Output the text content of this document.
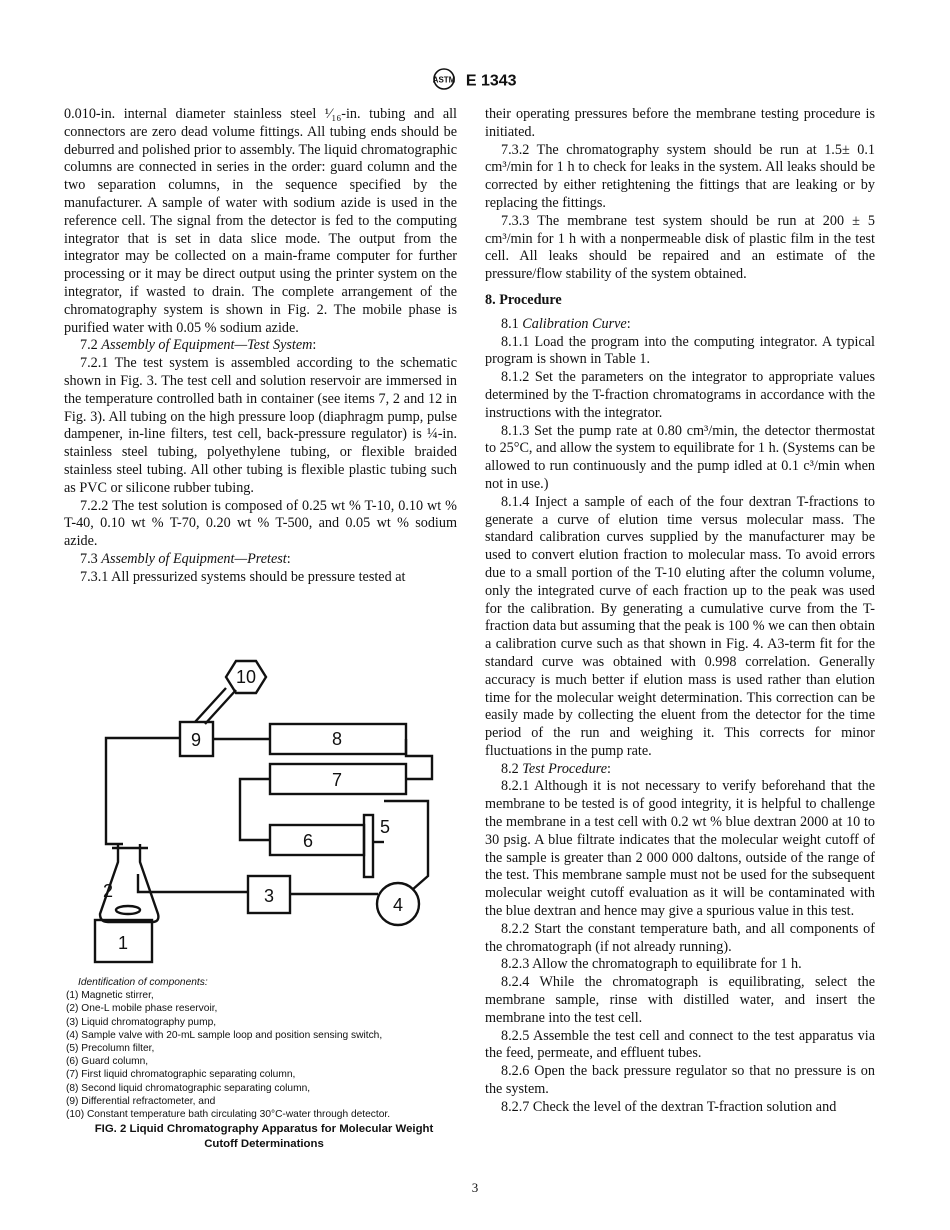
ASTM E 1343

0.010-in. internal diameter stainless steel ¹⁄₁₆-in. tubing and all connectors are zero dead volume fittings. All tubing ends should be deburred and polished prior to assembly. The liquid chromatographic columns are connected in series in the order: guard column and the two separation columns, in the sequence specified by the manufacturer. A sample of water with sodium azide is used in the reference cell. The signal from the detector is fed to the computing integrator that is set in data slice mode. The output from the integrator may be collected on a main-frame computer for further processing or it may be direct output using the printer system on the integrator, if wasted to drain. The complete arrangement of the chromatography system is shown in Fig. 2. The mobile phase is purified water with 0.05 % sodium azide.

7.2 Assembly of Equipment—Test System:

7.2.1 The test system is assembled according to the schematic shown in Fig. 3. The test cell and solution reservoir are immersed in the temperature controlled bath in container (see items 7, 2 and 12 in Fig. 3). All tubing on the high pressure loop (diaphragm pump, pulse dampener, in-line filters, test cell, back-pressure regulator) is ¼-in. stainless steel tubing, polyethylene tubing, or flexible braided stainless steel tubing. All other tubing is flexible plastic tubing such as PVC or silicone rubber tubing.

7.2.2 The test solution is composed of 0.25 wt % T-10, 0.10 wt % T-40, 0.10 wt % T-70, 0.20 wt % T-500, and 0.05 wt % sodium azide.

7.3 Assembly of Equipment—Pretest:

7.3.1 All pressurized systems should be pressure tested at

1
2	3	4
5
6
7
8
9
10
Identification of components:
(1) Magnetic stirrer,
(2) One-L mobile phase reservoir,
(3) Liquid chromatography pump,
(4) Sample valve with 20-mL sample loop and position sensing switch,
(5) Precolumn filter,
(6) Guard column,
(7) First liquid chromatographic separating column,
(8) Second liquid chromatographic separating column,
(9) Differential refractometer, and
(10) Constant temperature bath circulating 30°C-water through detector.
FIG. 2 Liquid Chromatography Apparatus for Molecular Weight
Cutoff Determinations

their operating pressures before the membrane testing procedure is initiated.

7.3.2 The chromatography system should be run at 1.5± 0.1 cm³/min for 1 h to check for leaks in the system. All leaks should be corrected by either retightening the fittings that are leaking or by replacing the fittings.

7.3.3 The membrane test system should be run at 200 ± 5 cm³/min for 1 h with a nonpermeable disk of plastic film in the test cell. All leaks should be repaired and an estimate of the pressure/flow stability of the system obtained.

8. Procedure

8.1 Calibration Curve:

8.1.1 Load the program into the computing integrator. A typical program is shown in Table 1.

8.1.2 Set the parameters on the integrator to appropriate values determined by the T-fraction chromatograms in accordance with the instructions with the integrator.

8.1.3 Set the pump rate at 0.80 cm³/min, the detector thermostat to 25°C, and allow the system to equilibrate for 1 h. (Systems can be allowed to run continuously and the pump idled at 0.1 c³/min when not in use.)

8.1.4 Inject a sample of each of the four dextran T-fractions to generate a curve of elution time versus molecular mass. The standard calibration curves supplied by the manufacturer may be used to convert elution fraction to molecular mass. To avoid errors due to a small portion of the T-10 eluting after the column volume, only the integrated curve of each fraction up to the peak was used for the calibration. By generating a cumulative curve from the T-fraction data but assuming that the peak is 100 % we can then obtain a calibration curve such as that shown in Fig. 4. A3-term fit for the standard curve was obtained with 0.998 correlation. Generally accuracy is much better if elution mass is used rather than elution time for the molecular weight determination. This correction can be easily made by collecting the eluent from the detector for the time period of the run and weighing it. This corrects for minor fluctuations in the pump rate.

8.2 Test Procedure:

8.2.1 Although it is not necessary to verify beforehand that the membrane to be tested is of good integrity, it is helpful to challenge the membrane in a test cell with 0.2 wt % blue dextran 2000 at 10 to 30 psig. A blue filtrate indicates that the molecular weight cutoff of the sample is greater than 2 000 000 daltons, outside of the range of the test. This membrane sample must not be used for the subsequent molecular weight cutoff evaluation as it will be contaminated with the blue dextran and hence may give a spurious value in this test.

8.2.2 Start the constant temperature bath, and all components of the chromatograph (if not already running).

8.2.3 Allow the chromatograph to equilibrate for 1 h.

8.2.4 While the chromatograph is equilibrating, select the membrane sample, rinse with distilled water, and insert the membrane into the test cell.

8.2.5 Assemble the test cell and connect to the test apparatus via the feed, permeate, and effluent tubes.

8.2.6 Open the back pressure regulator so that no pressure is on the system.

8.2.7 Check the level of the dextran T-fraction solution and

3
